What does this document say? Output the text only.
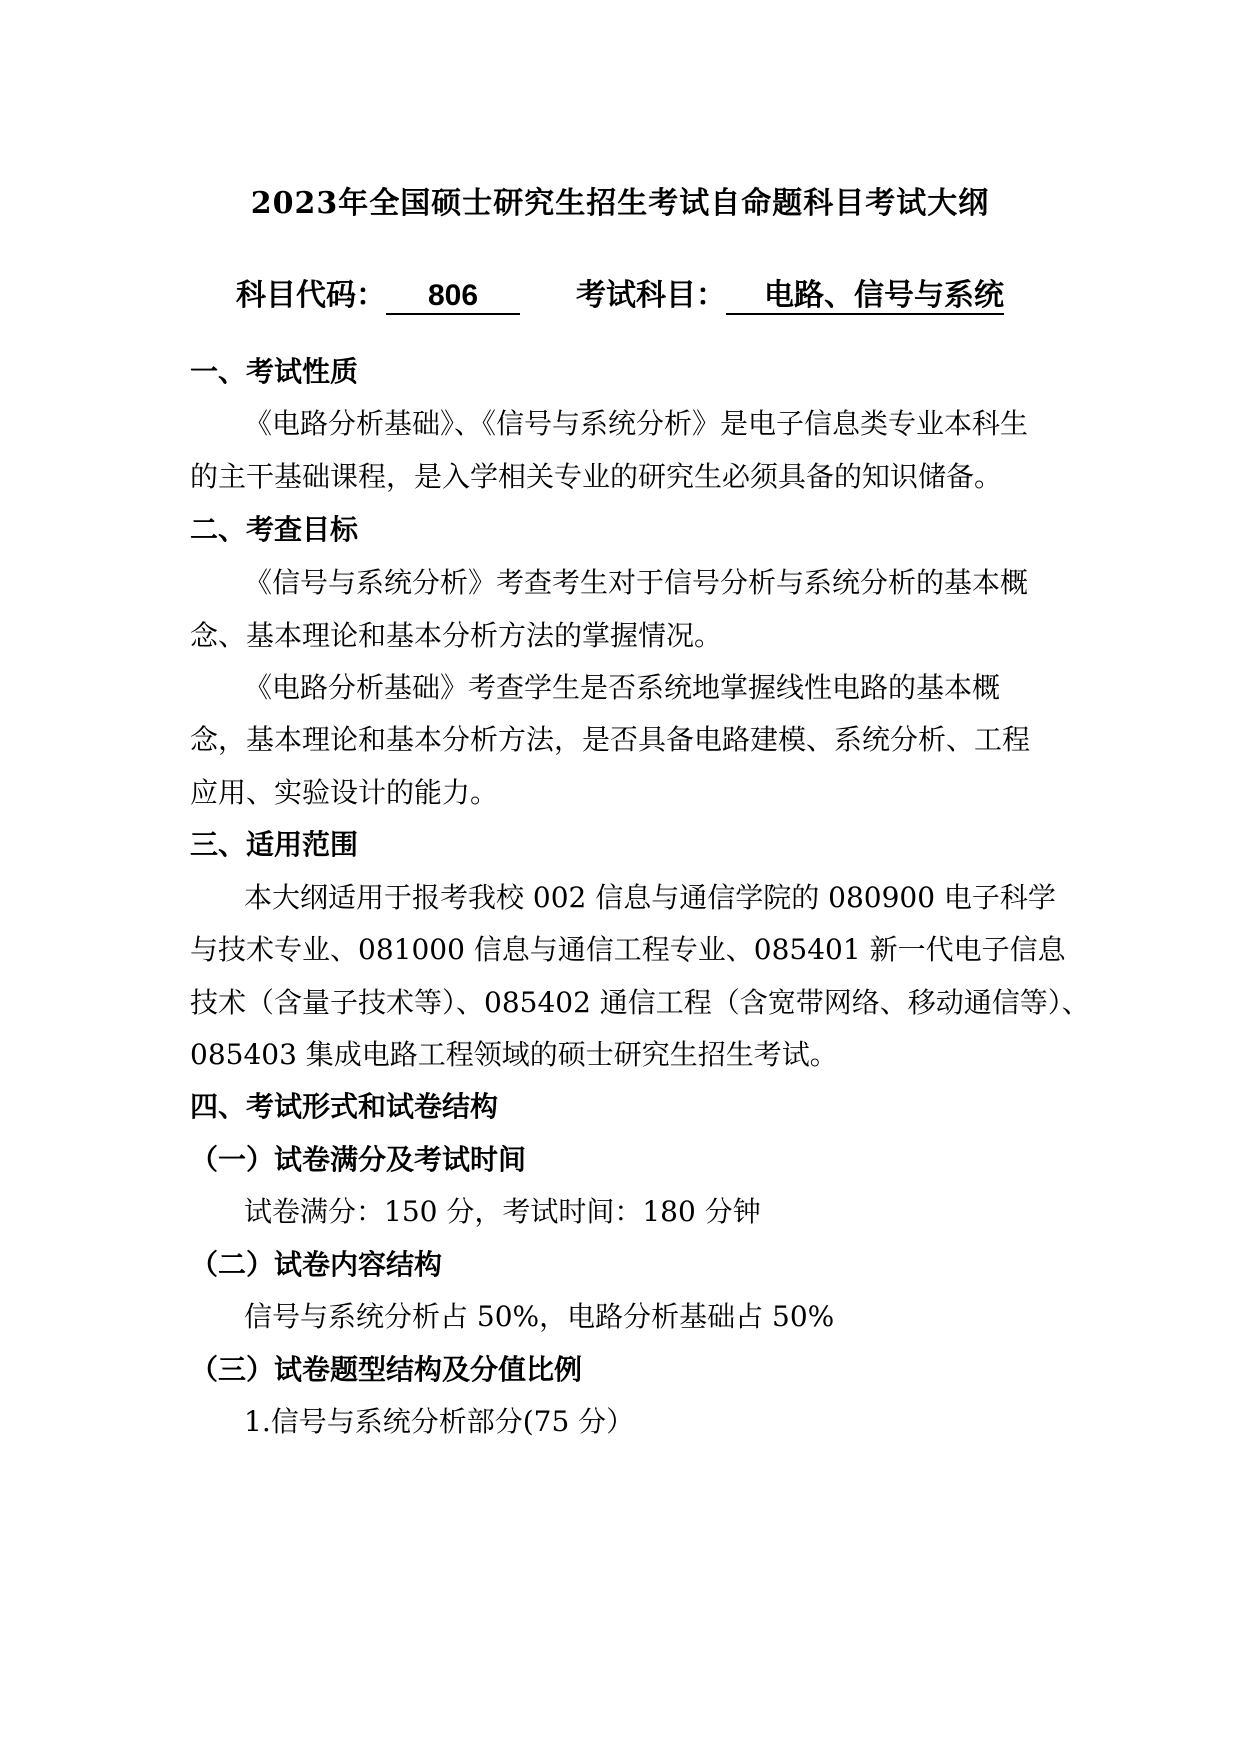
2023年全国硕士研究生招生考试自命题科目考试大纲
科目代码： 806	考试科目： 电路、信号与系统
一、考试性质
《电路分析基础》、《信号与系统分析》是电子信息类专业本科生
的主干基础课程，是入学相关专业的研究生必须具备的知识储备。
二、考查目标
《信号与系统分析》考查考生对于信号分析与系统分析的基本概
念、基本理论和基本分析方法的掌握情况。
《电路分析基础》考查学生是否系统地掌握线性电路的基本概
念，基本理论和基本分析方法，是否具备电路建模、系统分析、工程
应用、实验设计的能力。
三、适用范围
本大纲适用于报考我校 002 信息与通信学院的 080900 电子科学
与技术专业、081000 信息与通信工程专业、085401 新一代电子信息
技术（含量子技术等）、085402 通信工程（含宽带网络、移动通信等）、
085403 集成电路工程领域的硕士研究生招生考试。
四、考试形式和试卷结构
（一）试卷满分及考试时间
试卷满分：150 分，考试时间：180 分钟
（二）试卷内容结构
信号与系统分析占 50%，电路分析基础占 50%
（三）试卷题型结构及分值比例
1.信号与系统分析部分(75 分）
